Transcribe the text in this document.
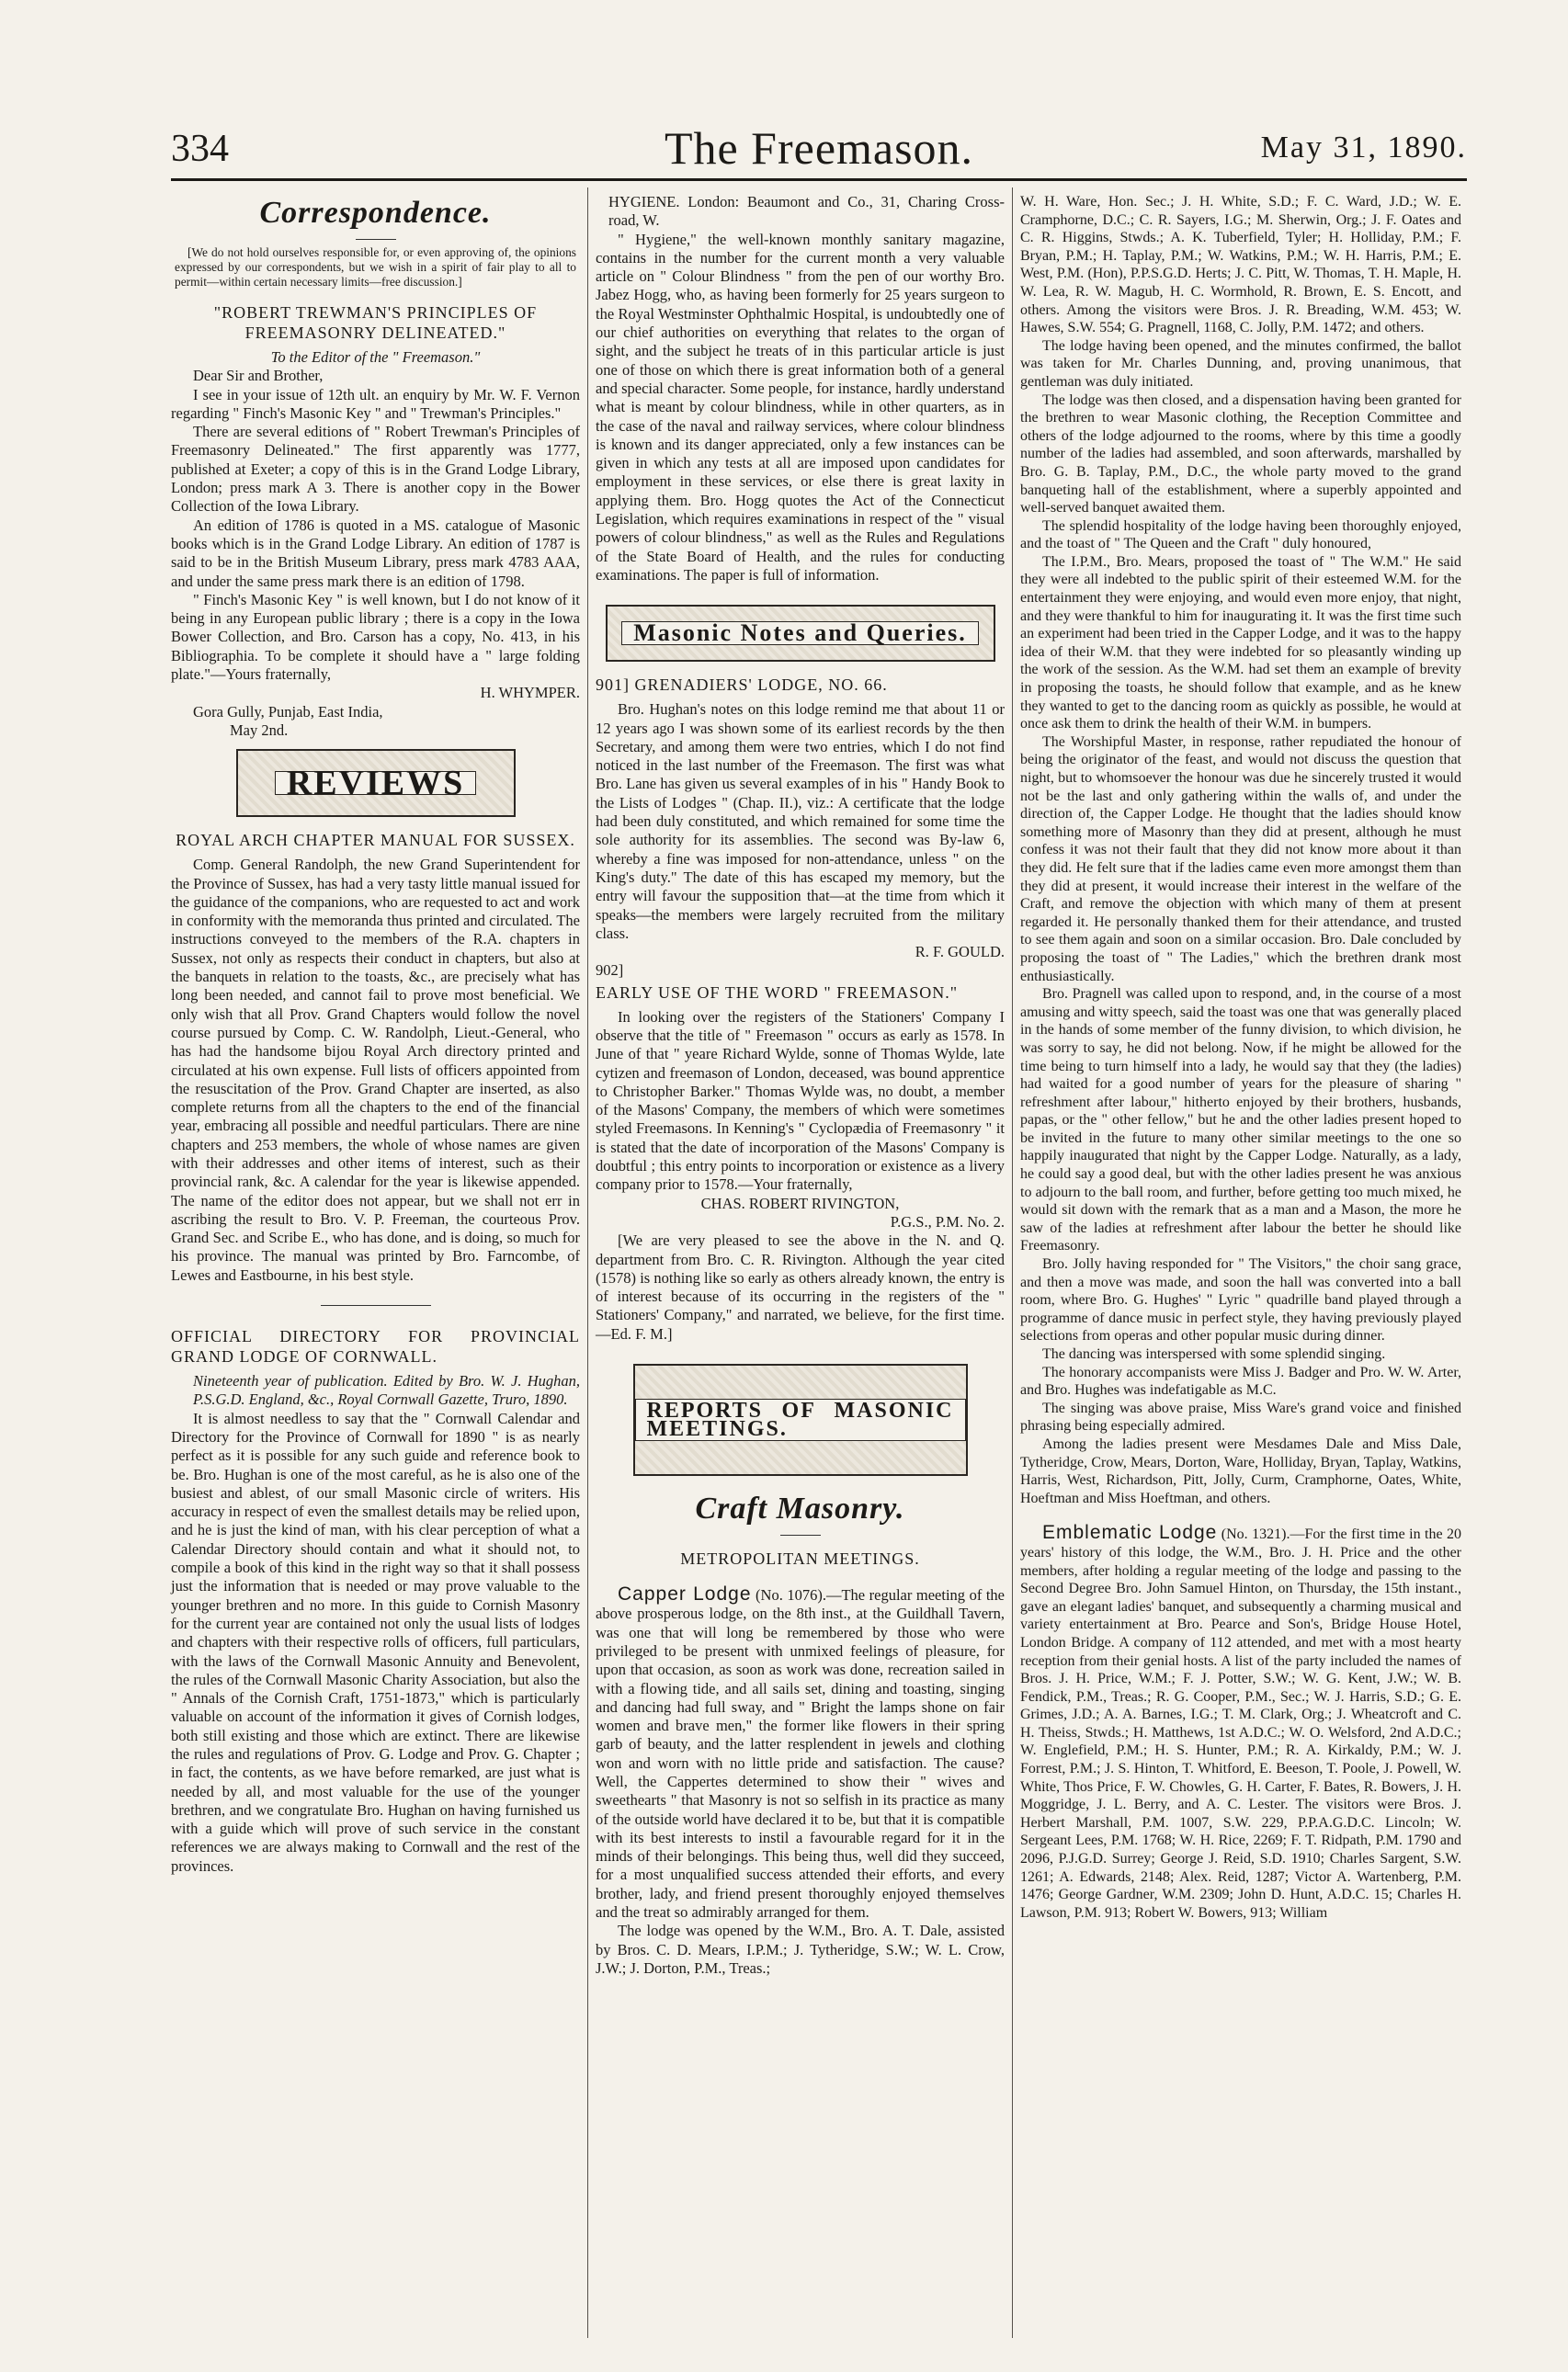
334	The Freemason.	May 31, 1890.
Correspondence.

[We do not hold ourselves responsible for, or even approving of, the opinions expressed by our correspondents, but we wish in a spirit of fair play to all to permit—within certain necessary limits—free discussion.]

"ROBERT TREWMAN'S PRINCIPLES OF FREEMASONRY DELINEATED."

To the Editor of the " Freemason."

Dear Sir and Brother,

I see in your issue of 12th ult. an enquiry by Mr. W. F. Vernon regarding " Finch's Masonic Key " and " Trewman's Principles."

There are several editions of " Robert Trewman's Principles of Freemasonry Delineated." The first apparently was 1777, published at Exeter; a copy of this is in the Grand Lodge Library, London; press mark A 3. There is another copy in the Bower Collection of the Iowa Library.

An edition of 1786 is quoted in a MS. catalogue of Masonic books which is in the Grand Lodge Library. An edition of 1787 is said to be in the British Museum Library, press mark 4783 AAA, and under the same press mark there is an edition of 1798.

" Finch's Masonic Key " is well known, but I do not know of it being in any European public library ; there is a copy in the Iowa Bower Collection, and Bro. Carson has a copy, No. 413, in his Bibliographia. To be complete it should have a " large folding plate."—Yours fraternally,

H. WHYMPER.

Gora Gully, Punjab, East India,

May 2nd.

REVIEWS
ROYAL ARCH CHAPTER MANUAL FOR SUSSEX.

Comp. General Randolph, the new Grand Superintendent for the Province of Sussex, has had a very tasty little manual issued for the guidance of the companions, who are requested to act and work in conformity with the memoranda thus printed and circulated. The instructions conveyed to the members of the R.A. chapters in Sussex, not only as respects their conduct in chapters, but also at the banquets in relation to the toasts, &c., are precisely what has long been needed, and cannot fail to prove most beneficial. We only wish that all Prov. Grand Chapters would follow the novel course pursued by Comp. C. W. Randolph, Lieut.-General, who has had the handsome bijou Royal Arch directory printed and circulated at his own expense. Full lists of officers appointed from the resuscitation of the Prov. Grand Chapter are inserted, as also complete returns from all the chapters to the end of the financial year, embracing all possible and needful particulars. There are nine chapters and 253 members, the whole of whose names are given with their addresses and other items of interest, such as their provincial rank, &c. A calendar for the year is likewise appended. The name of the editor does not appear, but we shall not err in ascribing the result to Bro. V. P. Freeman, the courteous Prov. Grand Sec. and Scribe E., who has done, and is doing, so much for his province. The manual was printed by Bro. Farncombe, of Lewes and Eastbourne, in his best style.

OFFICIAL DIRECTORY FOR PROVINCIAL GRAND LODGE OF CORNWALL.

Nineteenth year of publication. Edited by Bro. W. J. Hughan, P.S.G.D. England, &c., Royal Cornwall Gazette, Truro, 1890.

It is almost needless to say that the " Cornwall Calendar and Directory for the Province of Cornwall for 1890 " is as nearly perfect as it is possible for any such guide and reference book to be. Bro. Hughan is one of the most careful, as he is also one of the busiest and ablest, of our small Masonic circle of writers. His accuracy in respect of even the smallest details may be relied upon, and he is just the kind of man, with his clear perception of what a Calendar Directory should contain and what it should not, to compile a book of this kind in the right way so that it shall possess just the information that is needed or may prove valuable to the younger brethren and no more. In this guide to Cornish Masonry for the current year are contained not only the usual lists of lodges and chapters with their respective rolls of officers, full particulars, with the laws of the Cornwall Masonic Annuity and Benevolent, the rules of the Cornwall Masonic Charity Association, but also the " Annals of the Cornish Craft, 1751-1873," which is particularly valuable on account of the information it gives of Cornish lodges, both still existing and those which are extinct. There are likewise the rules and regulations of Prov. G. Lodge and Prov. G. Chapter ; in fact, the contents, as we have before remarked, are just what is needed by all, and most valuable for the use of the younger brethren, and we congratulate Bro. Hughan on having furnished us with a guide which will prove of such service in the constant references we are always making to Cornwall and the rest of the provinces.

HYGIENE. London: Beaumont and Co., 31, Charing Cross-road, W.

" Hygiene," the well-known monthly sanitary magazine, contains in the number for the current month a very valuable article on " Colour Blindness " from the pen of our worthy Bro. Jabez Hogg, who, as having been formerly for 25 years surgeon to the Royal Westminster Ophthalmic Hospital, is undoubtedly one of our chief authorities on everything that relates to the organ of sight, and the subject he treats of in this particular article is just one of those on which there is great information both of a general and special character. Some people, for instance, hardly understand what is meant by colour blindness, while in other quarters, as in the case of the naval and railway services, where colour blindness is known and its danger appreciated, only a few instances can be given in which any tests at all are imposed upon candidates for employment in these services, or else there is great laxity in applying them. Bro. Hogg quotes the Act of the Connecticut Legislation, which requires examinations in respect of the " visual powers of colour blindness," as well as the Rules and Regulations of the State Board of Health, and the rules for conducting examinations. The paper is full of information.

Masonic Notes and Queries.
901] GRENADIERS' LODGE, NO. 66.

Bro. Hughan's notes on this lodge remind me that about 11 or 12 years ago I was shown some of its earliest records by the then Secretary, and among them were two entries, which I do not find noticed in the last number of the Freemason. The first was what Bro. Lane has given us several examples of in his " Handy Book to the Lists of Lodges " (Chap. II.), viz.: A certificate that the lodge had been duly constituted, and which remained for some time the sole authority for its assemblies. The second was By-law 6, whereby a fine was imposed for non-attendance, unless " on the King's duty." The date of this has escaped my memory, but the entry will favour the supposition that—at the time from which it speaks—the members were largely recruited from the military class.

R. F. GOULD.

902]

EARLY USE OF THE WORD " FREEMASON."

In looking over the registers of the Stationers' Company I observe that the title of " Freemason " occurs as early as 1578. In June of that " yeare Richard Wylde, sonne of Thomas Wylde, late cytizen and freemason of London, deceased, was bound apprentice to Christopher Barker." Thomas Wylde was, no doubt, a member of the Masons' Company, the members of which were sometimes styled Freemasons. In Kenning's " Cyclopædia of Freemasonry " it is stated that the date of incorporation of the Masons' Company is doubtful ; this entry points to incorporation or existence as a livery company prior to 1578.—Your fraternally,

CHAS. ROBERT RIVINGTON,

P.G.S., P.M. No. 2.

[We are very pleased to see the above in the N. and Q. department from Bro. C. R. Rivington. Although the year cited (1578) is nothing like so early as others already known, the entry is of interest because of its occurring in the registers of the " Stationers' Company," and narrated, we believe, for the first time.—Ed. F. M.]

REPORTS OF MASONIC MEETINGS.
Craft Masonry.
METROPOLITAN MEETINGS.

Capper Lodge (No. 1076).—The regular meeting of the above prosperous lodge, on the 8th inst., at the Guildhall Tavern, was one that will long be remembered by those who were privileged to be present with unmixed feelings of pleasure, for upon that occasion, as soon as work was done, recreation sailed in with a flowing tide, and all sails set, dining and toasting, singing and dancing had full sway, and " Bright the lamps shone on fair women and brave men," the former like flowers in their spring garb of beauty, and the latter resplendent in jewels and clothing won and worn with no little pride and satisfaction. The cause? Well, the Cappertes determined to show their " wives and sweethearts " that Masonry is not so selfish in its practice as many of the outside world have declared it to be, but that it is compatible with its best interests to instil a favourable regard for it in the minds of their belongings. This being thus, well did they succeed, for a most unqualified success attended their efforts, and every brother, lady, and friend present thoroughly enjoyed themselves and the treat so admirably arranged for them.

The lodge was opened by the W.M., Bro. A. T. Dale, assisted by Bros. C. D. Mears, I.P.M.; J. Tytheridge, S.W.; W. L. Crow, J.W.; J. Dorton, P.M., Treas.;

W. H. Ware, Hon. Sec.; J. H. White, S.D.; F. C. Ward, J.D.; W. E. Cramphorne, D.C.; C. R. Sayers, I.G.; M. Sherwin, Org.; J. F. Oates and C. R. Higgins, Stwds.; A. K. Tuberfield, Tyler; H. Holliday, P.M.; F. Bryan, P.M.; H. Taplay, P.M.; W. Watkins, P.M.; W. H. Harris, P.M.; E. West, P.M. (Hon), P.P.S.G.D. Herts; J. C. Pitt, W. Thomas, T. H. Maple, H. W. Lea, R. W. Magub, H. C. Wormhold, R. Brown, E. S. Encott, and others. Among the visitors were Bros. J. R. Breading, W.M. 453; W. Hawes, S.W. 554; G. Pragnell, 1168, C. Jolly, P.M. 1472; and others.

The lodge having been opened, and the minutes confirmed, the ballot was taken for Mr. Charles Dunning, and, proving unanimous, that gentleman was duly initiated.

The lodge was then closed, and a dispensation having been granted for the brethren to wear Masonic clothing, the Reception Committee and others of the lodge adjourned to the rooms, where by this time a goodly number of the ladies had assembled, and soon afterwards, marshalled by Bro. G. B. Taplay, P.M., D.C., the whole party moved to the grand banqueting hall of the establishment, where a superbly appointed and well-served banquet awaited them.

The splendid hospitality of the lodge having been thoroughly enjoyed, and the toast of " The Queen and the Craft " duly honoured,

The I.P.M., Bro. Mears, proposed the toast of " The W.M." He said they were all indebted to the public spirit of their esteemed W.M. for the entertainment they were enjoying, and would even more enjoy, that night, and they were thankful to him for inaugurating it. It was the first time such an experiment had been tried in the Capper Lodge, and it was to the happy idea of their W.M. that they were indebted for so pleasantly winding up the work of the session. As the W.M. had set them an example of brevity in proposing the toasts, he should follow that example, and as he knew they wanted to get to the dancing room as quickly as possible, he would at once ask them to drink the health of their W.M. in bumpers.

The Worshipful Master, in response, rather repudiated the honour of being the originator of the feast, and would not discuss the question that night, but to whomsoever the honour was due he sincerely trusted it would not be the last and only gathering within the walls of, and under the direction of, the Capper Lodge. He thought that the ladies should know something more of Masonry than they did at present, although he must confess it was not their fault that they did not know more about it than they did. He felt sure that if the ladies came even more amongst them than they did at present, it would increase their interest in the welfare of the Craft, and remove the objection with which many of them at present regarded it. He personally thanked them for their attendance, and trusted to see them again and soon on a similar occasion. Bro. Dale concluded by proposing the toast of " The Ladies," which the brethren drank most enthusiastically.

Bro. Pragnell was called upon to respond, and, in the course of a most amusing and witty speech, said the toast was one that was generally placed in the hands of some member of the funny division, to which division, he was sorry to say, he did not belong. Now, if he might be allowed for the time being to turn himself into a lady, he would say that they (the ladies) had waited for a good number of years for the pleasure of sharing " refreshment after labour," hitherto enjoyed by their brothers, husbands, papas, or the " other fellow," but he and the other ladies present hoped to be invited in the future to many other similar meetings to the one so happily inaugurated that night by the Capper Lodge. Naturally, as a lady, he could say a good deal, but with the other ladies present he was anxious to adjourn to the ball room, and further, before getting too much mixed, he would sit down with the remark that as a man and a Mason, the more he saw of the ladies at refreshment after labour the better he should like Freemasonry.

Bro. Jolly having responded for " The Visitors," the choir sang grace, and then a move was made, and soon the hall was converted into a ball room, where Bro. G. Hughes' " Lyric " quadrille band played through a programme of dance music in perfect style, they having previously played selections from operas and other popular music during dinner.

The dancing was interspersed with some splendid singing.

The honorary accompanists were Miss J. Badger and Pro. W. W. Arter, and Bro. Hughes was indefatigable as M.C.

The singing was above praise, Miss Ware's grand voice and finished phrasing being especially admired.

Among the ladies present were Mesdames Dale and Miss Dale, Tytheridge, Crow, Mears, Dorton, Ware, Holliday, Bryan, Taplay, Watkins, Harris, West, Richardson, Pitt, Jolly, Curm, Cramphorne, Oates, White, Hoeftman and Miss Hoeftman, and others.

Emblematic Lodge (No. 1321).—For the first time in the 20 years' history of this lodge, the W.M., Bro. J. H. Price and the other members, after holding a regular meeting of the lodge and passing to the Second Degree Bro. John Samuel Hinton, on Thursday, the 15th instant., gave an elegant ladies' banquet, and subsequently a charming musical and variety entertainment at Bro. Pearce and Son's, Bridge House Hotel, London Bridge. A company of 112 attended, and met with a most hearty reception from their genial hosts. A list of the party included the names of Bros. J. H. Price, W.M.; F. J. Potter, S.W.; W. G. Kent, J.W.; W. B. Fendick, P.M., Treas.; R. G. Cooper, P.M., Sec.; W. J. Harris, S.D.; G. E. Grimes, J.D.; A. A. Barnes, I.G.; T. M. Clark, Org.; J. Wheatcroft and C. H. Theiss, Stwds.; H. Matthews, 1st A.D.C.; W. O. Welsford, 2nd A.D.C.; W. Englefield, P.M.; H. S. Hunter, P.M.; R. A. Kirkaldy, P.M.; W. J. Forrest, P.M.; J. S. Hinton, T. Whitford, E. Beeson, T. Poole, J. Powell, W. White, Thos Price, F. W. Chowles, G. H. Carter, F. Bates, R. Bowers, J. H. Moggridge, J. L. Berry, and A. C. Lester. The visitors were Bros. J. Herbert Marshall, P.M. 1007, S.W. 229, P.P.A.G.D.C. Lincoln; W. Sergeant Lees, P.M. 1768; W. H. Rice, 2269; F. T. Ridpath, P.M. 1790 and 2096, P.J.G.D. Surrey; George J. Reid, S.D. 1910; Charles Sargent, S.W. 1261; A. Edwards, 2148; Alex. Reid, 1287; Victor A. Wartenberg, P.M. 1476; George Gardner, W.M. 2309; John D. Hunt, A.D.C. 15; Charles H. Lawson, P.M. 913; Robert W. Bowers, 913; William
